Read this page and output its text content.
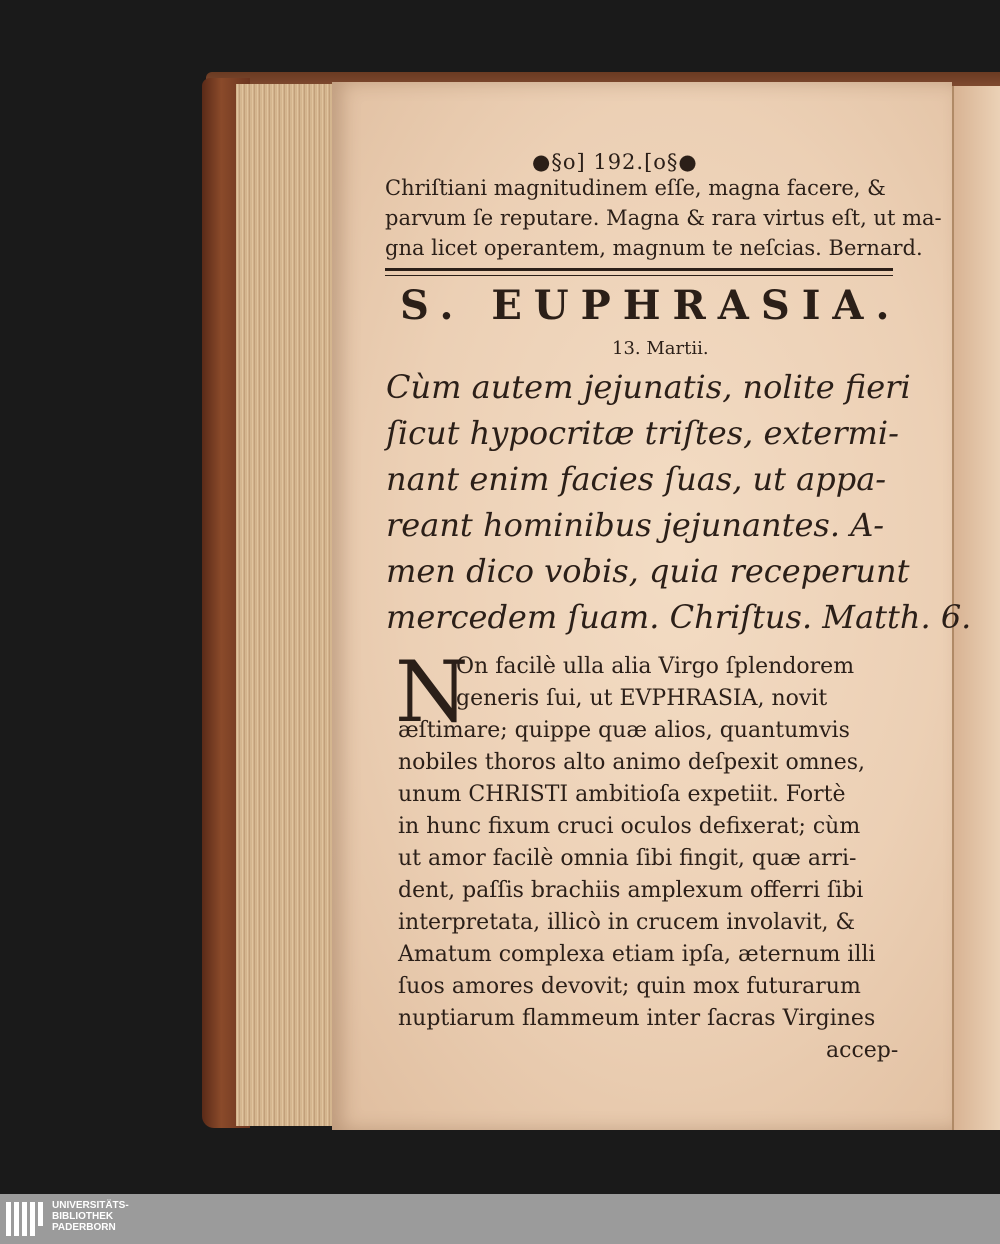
●§o] 192.[o§●
Chriſtiani magnitudinem eſſe, magna facere, &
parvum ſe reputare. Magna & rara virtus eſt, ut ma-
gna licet operantem, magnum te neſcias. Bernard.
S. EUPHRASIA.
13. Martii.
Cùm autem jejunatis, nolite fieri
ſicut hypocritæ triſtes, extermi-
nant enim facies ſuas, ut appa-
reant hominibus jejunantes. A-
men dico vobis, quia receperunt
mercedem ſuam. Chriſtus. Matth. 6.
N
On facilè ulla alia Virgo ſplendorem
generis ſui, ut EVPHRASIA, novit
æſtimare; quippe quæ alios, quantumvis
nobiles thoros alto animo deſpexit omnes,
unum CHRISTI ambitioſa expetiit. Fortè
in hunc fixum cruci oculos defixerat; cùm
ut amor facilè omnia ſibi fingit, quæ arri-
dent, paſſis brachiis amplexum offerri ſibi
interpretata, illicò in crucem involavit, &
Amatum complexa etiam ipſa, æternum illi
ſuos amores devovit; quin mox futurarum
nuptiarum flammeum inter ſacras Virgines
accep-
UNIVERSITÄTS-
BIBLIOTHEK
PADERBORN
